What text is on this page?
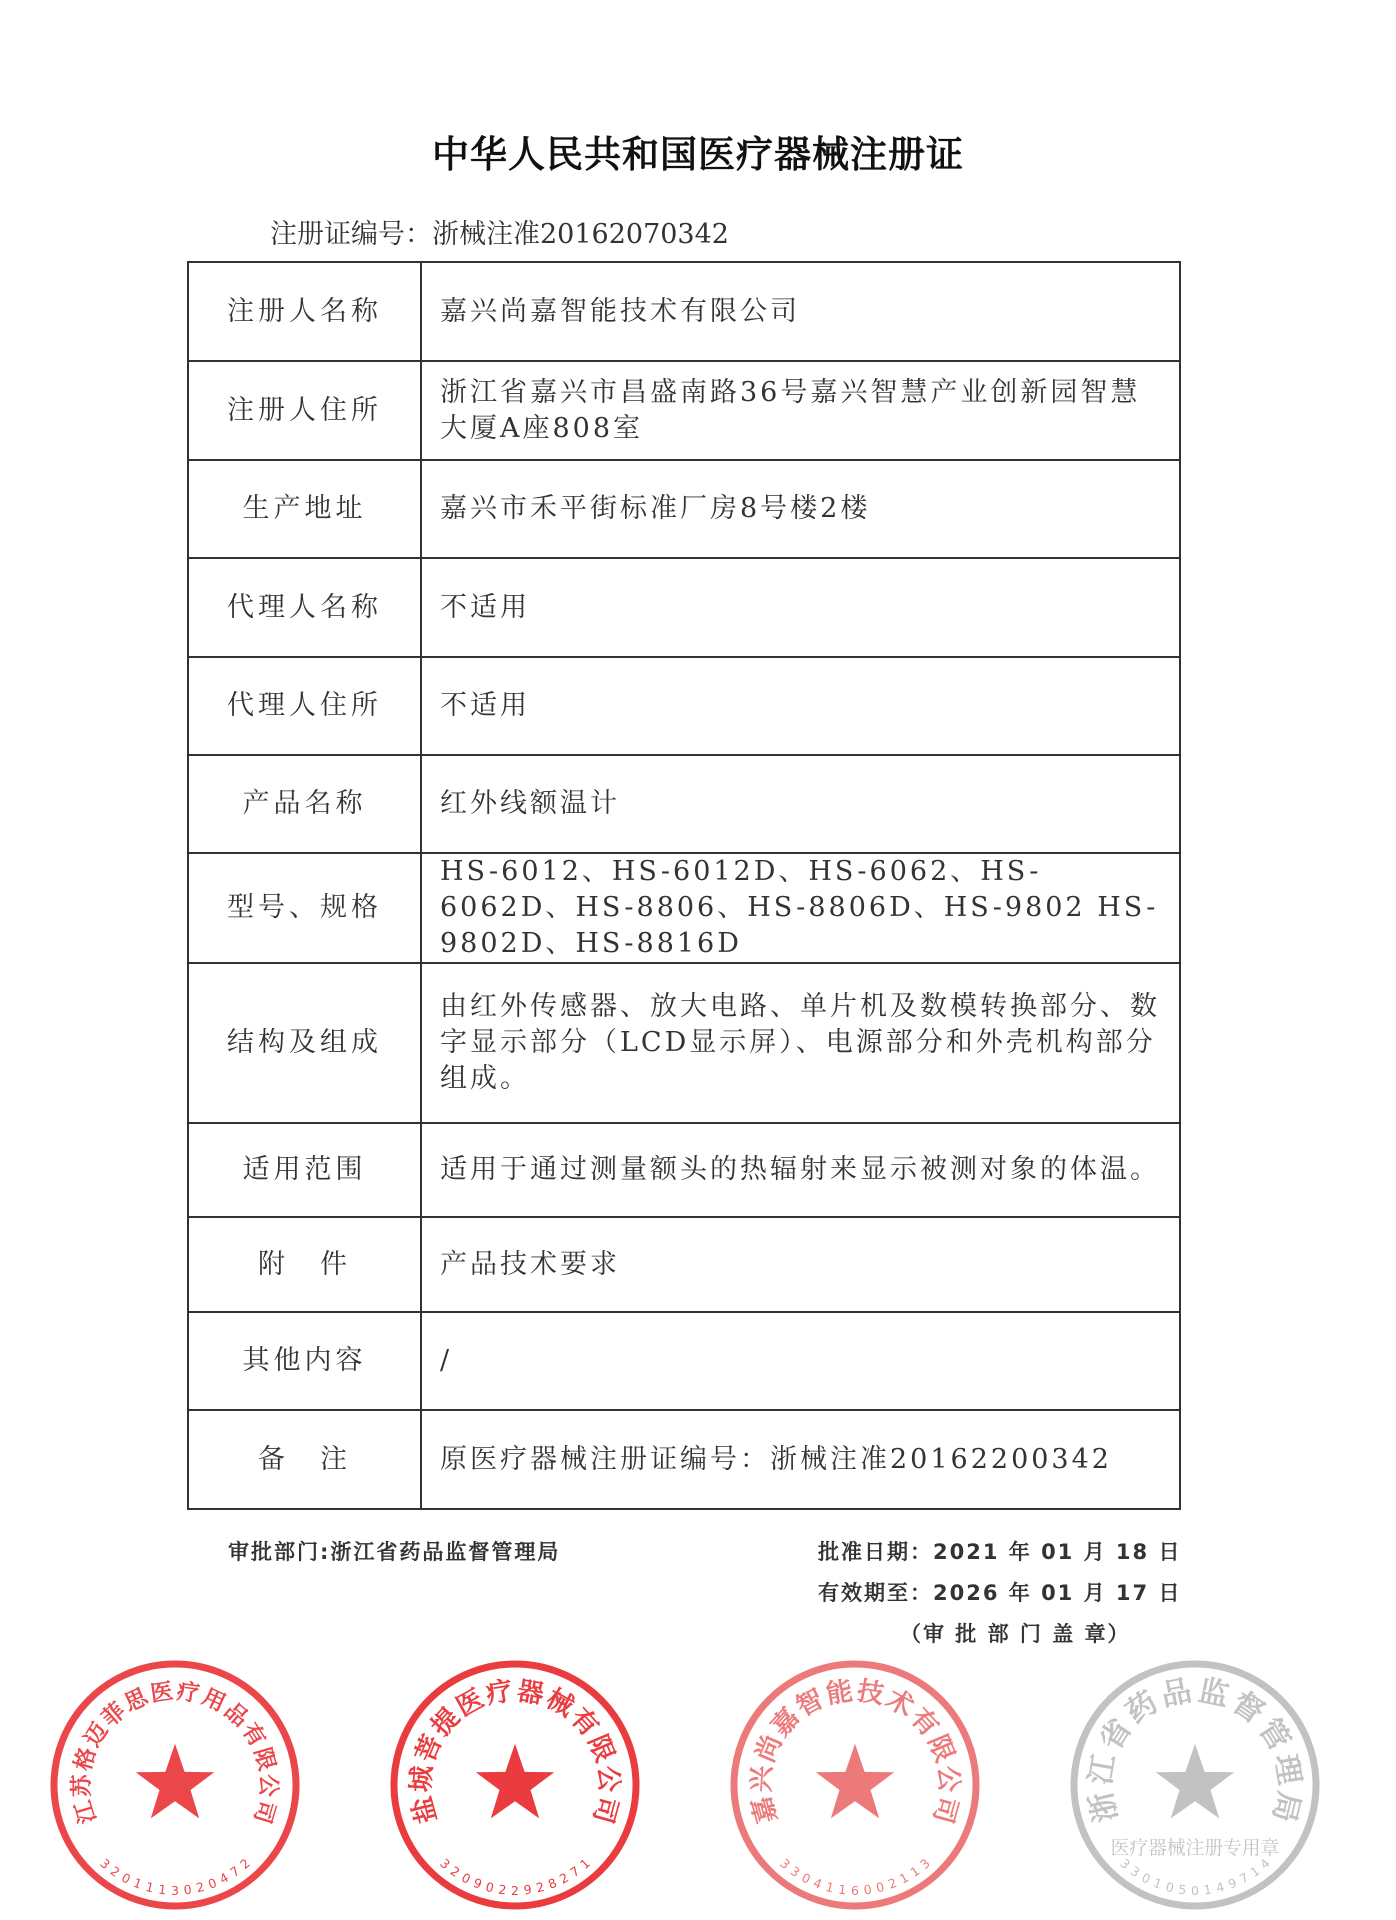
中华人民共和国医疗器械注册证
注册证编号：浙械注准20162070342
注册人名称	嘉兴尚嘉智能技术有限公司
注册人住所	浙江省嘉兴市昌盛南路36号嘉兴智慧产业创新园智慧大厦A座808室
生产地址	嘉兴市禾平街标准厂房8号楼2楼
代理人名称	不适用
代理人住所	不适用
产品名称	红外线额温计
型号、规格	HS-6012、HS-6012D、HS-6062、HS-6062D、HS-8806、HS-8806D、HS-9802 HS-9802D、HS-8816D
结构及组成	由红外传感器、放大电路、单片机及数模转换部分、数字显示部分（LCD显示屏）、电源部分和外壳机构部分组成。
适用范围	适用于通过测量额头的热辐射来显示被测对象的体温。
附　件	产品技术要求
其他内容	/
备　注	原医疗器械注册证编号：浙械注准20162200342
审批部门:浙江省药品监督管理局	批准日期：2021 年 01 月 18 日
有效期至：2026 年 01 月 17 日
（审 批 部 门 盖 章）
江
苏
格
迈
菲
思
医 疗
用
品
有
限
公
司
3
2
0
1 1 1 3 0 2 0
4
7
2
盐
城
菩
提
医
疗 器
械
有
限
公
司
3
2
0
9 0 2 2 9 2 8
2
7
1
嘉
兴
尚
嘉
智
能 技
术
有
限
公
司
3
3
0
4 1 1 6 0 0 2
1
1
3
浙
江
省
药
品 监
督
管
理
局
医疗器械注册专用章
3
3
0
1 0 5 0 1 4 9
7
1
4
